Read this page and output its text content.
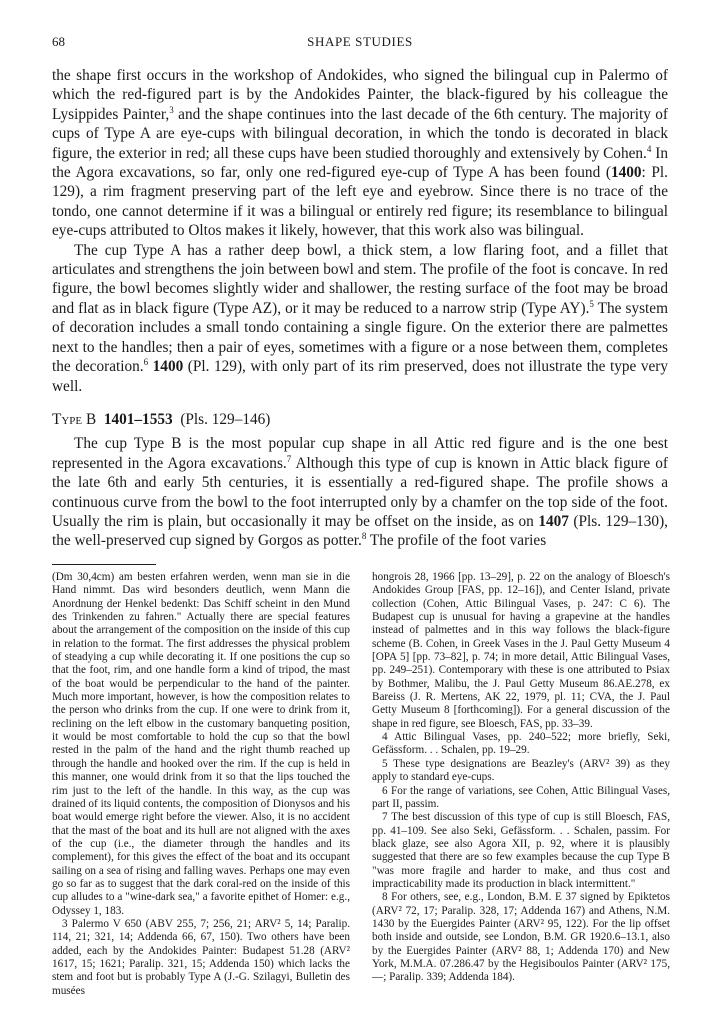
68	SHAPE STUDIES

the shape first occurs in the workshop of Andokides, who signed the bilingual cup in Palermo of which the red-figured part is by the Andokides Painter, the black-figured by his colleague the Lysippides Painter,$^3$ and the shape continues into the last decade of the 6th century. The majority of cups of Type A are eye-cups with bilingual decoration, in which the tondo is decorated in black figure, the exterior in red; all these cups have been studied thoroughly and extensively by Cohen.$^4$ In the Agora excavations, so far, only one red-figured eye-cup of Type A has been found (1400: Pl. 129), a rim fragment preserving part of the left eye and eyebrow. Since there is no trace of the tondo, one cannot determine if it was a bilingual or entirely red figure; its resemblance to bilingual eye-cups attributed to Oltos makes it likely, however, that this work also was bilingual.

The cup Type A has a rather deep bowl, a thick stem, a low flaring foot, and a fillet that articulates and strengthens the join between bowl and stem. The profile of the foot is concave. In red figure, the bowl becomes slightly wider and shallower, the resting surface of the foot may be broad and flat as in black figure (Type AZ), or it may be reduced to a narrow strip (Type AY).$^5$ The system of decoration includes a small tondo containing a single figure. On the exterior there are palmettes next to the handles; then a pair of eyes, sometimes with a figure or a nose between them, completes the decoration.$^6$ 1400 (Pl. 129), with only part of its rim preserved, does not illustrate the type very well.

Type B 1401–1553 (Pls. 129–146)

The cup Type B is the most popular cup shape in all Attic red figure and is the one best represented in the Agora excavations.$^7$ Although this type of cup is known in Attic black figure of the late 6th and early 5th centuries, it is essentially a red-figured shape. The profile shows a continuous curve from the bowl to the foot interrupted only by a chamfer on the top side of the foot. Usually the rim is plain, but occasionally it may be offset on the inside, as on 1407 (Pls. 129–130), the well-preserved cup signed by Gorgos as potter.$^8$ The profile of the foot varies

(Dm 30,4cm) am besten erfahren werden, wenn man sie in die Hand nimmt. Das wird besonders deutlich, wenn Mann die Anordnung der Henkel bedenkt: Das Schiff scheint in den Mund des Trinkenden zu fahren." Actually there are special features about the arrangement of the composition on the inside of this cup in relation to the format. The first addresses the physical problem of steadying a cup while decorating it. If one positions the cup so that the foot, rim, and one handle form a kind of tripod, the mast of the boat would be perpendicular to the hand of the painter. Much more important, however, is how the composition relates to the person who drinks from the cup. If one were to drink from it, reclining on the left elbow in the customary banqueting position, it would be most comfortable to hold the cup so that the bowl rested in the palm of the hand and the right thumb reached up through the handle and hooked over the rim. If the cup is held in this manner, one would drink from it so that the lips touched the rim just to the left of the handle. In this way, as the cup was drained of its liquid contents, the composition of Dionysos and his boat would emerge right before the viewer. Also, it is no accident that the mast of the boat and its hull are not aligned with the axes of the cup (i.e., the diameter through the handles and its complement), for this gives the effect of the boat and its occupant sailing on a sea of rising and falling waves. Perhaps one may even go so far as to suggest that the dark coral-red on the inside of this cup alludes to a "wine-dark sea," a favorite epithet of Homer: e.g., Odyssey 1, 183.

3 Palermo V 650 (ABV 255, 7; 256, 21; ARV² 5, 14; Paralip. 114, 21; 321, 14; Addenda 66, 67, 150). Two others have been added, each by the Andokides Painter: Budapest 51.28 (ARV² 1617, 15; 1621; Paralip. 321, 15; Addenda 150) which lacks the stem and foot but is probably Type A (J.-G. Szilagyi, Bulletin des musées

hongrois 28, 1966 [pp. 13–29], p. 22 on the analogy of Bloesch's Andokides Group [FAS, pp. 12–16]), and Center Island, private collection (Cohen, Attic Bilingual Vases, p. 247: C 6). The Budapest cup is unusual for having a grapevine at the handles instead of palmettes and in this way follows the black-figure scheme (B. Cohen, in Greek Vases in the J. Paul Getty Museum 4 [OPA 5] [pp. 73–82], p. 74; in more detail, Attic Bilingual Vases, pp. 249–251). Contemporary with these is one attributed to Psiax by Bothmer, Malibu, the J. Paul Getty Museum 86.AE.278, ex Bareiss (J. R. Mertens, AK 22, 1979, pl. 11; CVA, the J. Paul Getty Museum 8 [forthcoming]). For a general discussion of the shape in red figure, see Bloesch, FAS, pp. 33–39.

4 Attic Bilingual Vases, pp. 240–522; more briefly, Seki, Gefässform. . . Schalen, pp. 19–29.

5 These type designations are Beazley's (ARV² 39) as they apply to standard eye-cups.

6 For the range of variations, see Cohen, Attic Bilingual Vases, part II, passim.

7 The best discussion of this type of cup is still Bloesch, FAS, pp. 41–109. See also Seki, Gefässform. . . Schalen, passim. For black glaze, see also Agora XII, p. 92, where it is plausibly suggested that there are so few examples because the cup Type B "was more fragile and harder to make, and thus cost and impracticability made its production in black intermittent."

8 For others, see, e.g., London, B.M. E 37 signed by Epiktetos (ARV² 72, 17; Paralip. 328, 17; Addenda 167) and Athens, N.M. 1430 by the Euergides Painter (ARV² 95, 122). For the lip offset both inside and outside, see London, B.M. GR 1920.6–13.1, also by the Euergides Painter (ARV² 88, 1; Addenda 170) and New York, M.M.A. 07.286.47 by the Hegisiboulos Painter (ARV² 175, —; Paralip. 339; Addenda 184).
